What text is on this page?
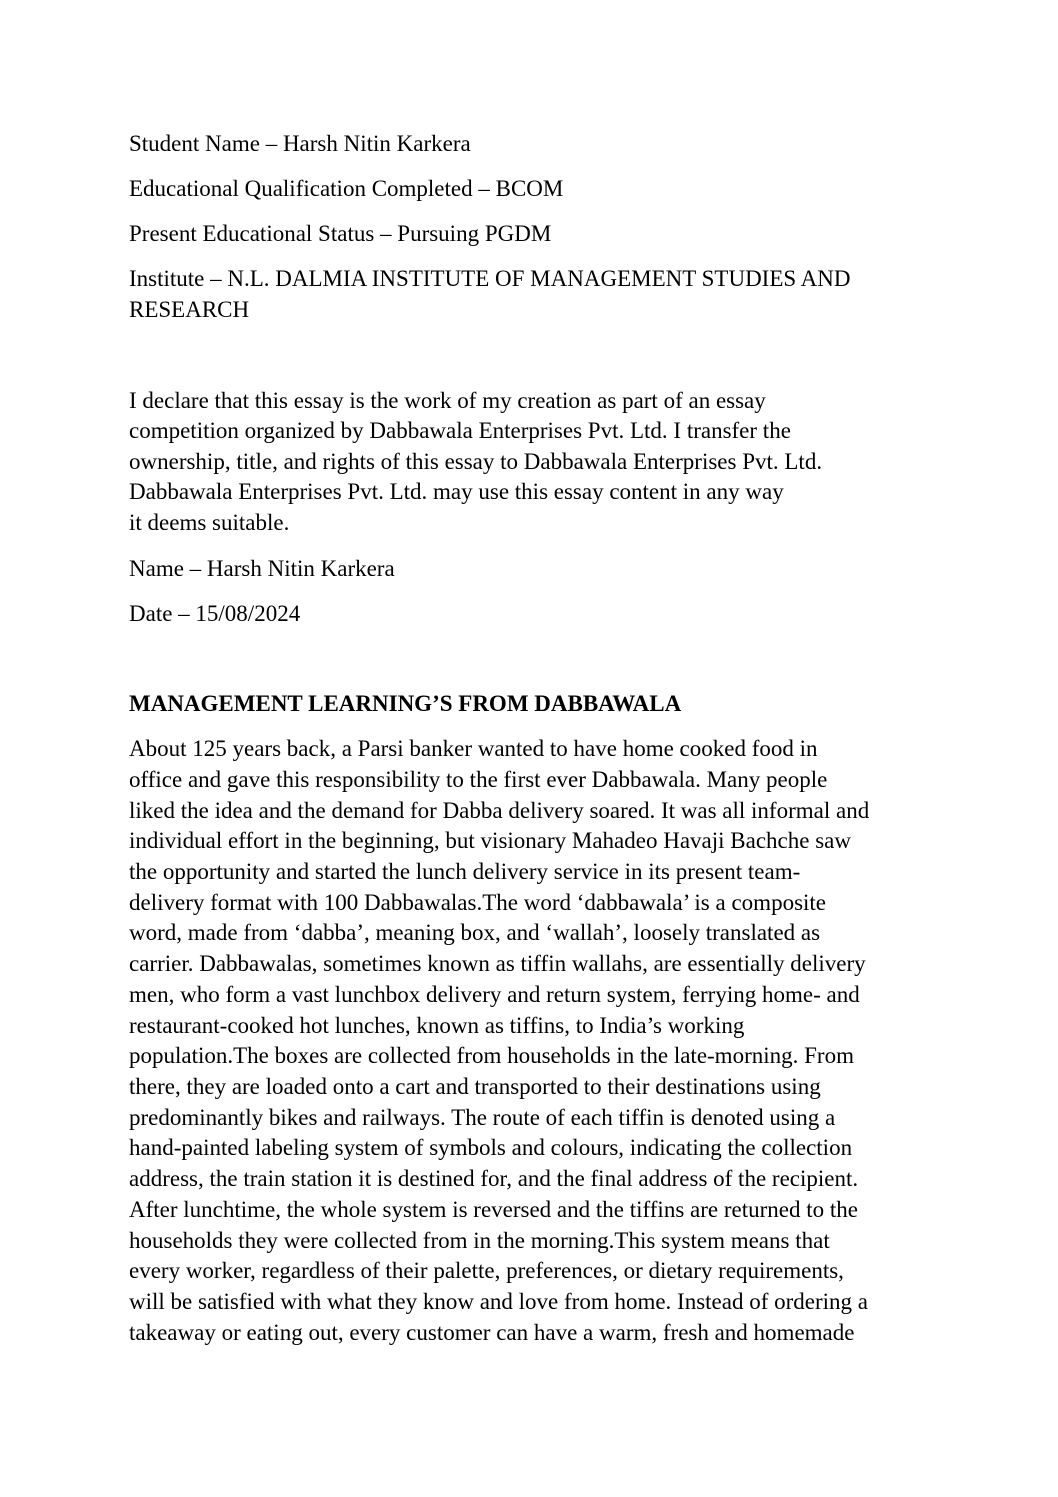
Student Name – Harsh Nitin Karkera
Educational Qualification Completed – BCOM
Present Educational Status – Pursuing PGDM
Institute – N.L. DALMIA INSTITUTE OF MANAGEMENT STUDIES AND
RESEARCH
I declare that this essay is the work of my creation as part of an essay
competition organized by Dabbawala Enterprises Pvt. Ltd. I transfer the
ownership, title, and rights of this essay to Dabbawala Enterprises Pvt. Ltd.
Dabbawala Enterprises Pvt. Ltd. may use this essay content in any way
it deems suitable.
Name – Harsh Nitin Karkera
Date – 15/08/2024
MANAGEMENT LEARNING’S FROM DABBAWALA
About 125 years back, a Parsi banker wanted to have home cooked food in
office and gave this responsibility to the first ever Dabbawala. Many people
liked the idea and the demand for Dabba delivery soared. It was all informal and
individual effort in the beginning, but visionary Mahadeo Havaji Bachche saw
the opportunity and started the lunch delivery service in its present team-
delivery format with 100 Dabbawalas.The word ‘dabbawala’ is a composite
word, made from ‘dabba’, meaning box, and ‘wallah’, loosely translated as
carrier. Dabbawalas, sometimes known as tiffin wallahs, are essentially delivery
men, who form a vast lunchbox delivery and return system, ferrying home- and
restaurant-cooked hot lunches, known as tiffins, to India’s working
population.The boxes are collected from households in the late-morning. From
there, they are loaded onto a cart and transported to their destinations using
predominantly bikes and railways. The route of each tiffin is denoted using a
hand-painted labeling system of symbols and colours, indicating the collection
address, the train station it is destined for, and the final address of the recipient.
After lunchtime, the whole system is reversed and the tiffins are returned to the
households they were collected from in the morning.This system means that
every worker, regardless of their palette, preferences, or dietary requirements,
will be satisfied with what they know and love from home. Instead of ordering a
takeaway or eating out, every customer can have a warm, fresh and homemade
